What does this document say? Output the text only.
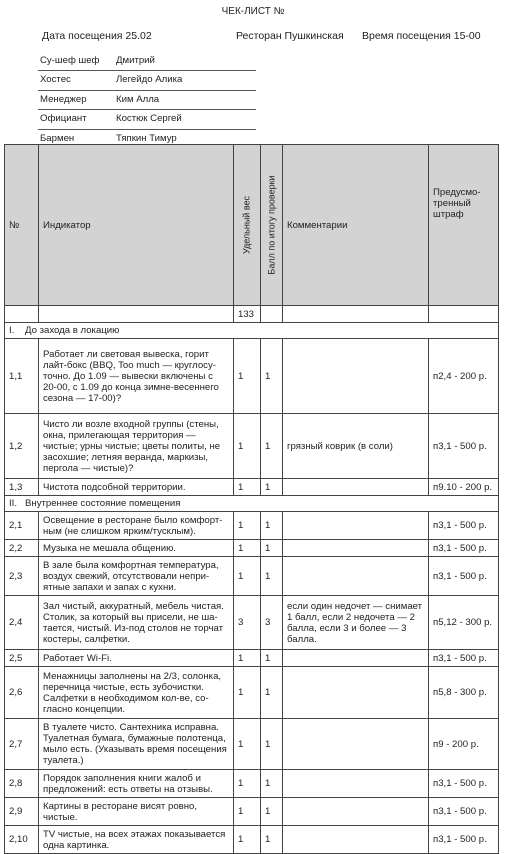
ЧЕК-ЛИСТ №
Дата посещения 25.02	Ресторан Пушкинская Время посещения 15-00
Су-шеф шеф Дмитрий
Хостес	Легейдо Алика
Менеджер	Ким Алла
Официант	Костюк Сергей
Бармен	Тяпкин Тимур
№	Индикатор	Удельный вес	Балл по итогу проверки	Комментарии	Предусмо-
тренный
штраф
		133			
I.    До захода в локацию					
1,1	Работает ли световая вывеска, горит лайт-бокс (BBQ, Too much — круглосу-точно. До 1.09 — вывески включены с 20-00, с 1.09 до конца зимне-весеннего сезона — 17-00)?	1	1		п2,4 - 200 р.
1,2	Чисто ли возле входной группы (стены, окна, прилегающая территория — чистые; урны чистые; цветы политы, не засохшие; летняя веранда, маркизы, пергола — чистые)?	1	1	грязный коврик (в соли)	п3,1 - 500 р.
1,3	Чистота подсобной территории.	1	1		п9.10 - 200 р.
II.   Внутреннее состояние помещения					
2,1	Освещение в ресторане было комфорт-ным (не слишком ярким/тусклым).	1	1		п3,1 - 500 р.
2,2	Музыка не мешала общению.	1	1		п3,1 - 500 р.
2,3	В зале была комфортная температура, воздух свежий, отсутствовали непри-ятные запахи и запах с кухни.	1	1		п3,1 - 500 р.
2,4	Зал чистый, аккуратный, мебель чистая. Столик, за который вы присели, не ша-тается, чистый. Из-под столов не торчат костеры, салфетки.	3	3	если один недочет — снимает 1 балл, если 2 недочета — 2 балла, если 3 и более — 3 балла.	п5,12 - 300 р.
2,5	Работает Wi-Fi.	1	1		п3,1 - 500 р.
2,6	Менажницы заполнены на 2/3, солонка, перечница чистые, есть зубочистки. Салфетки в необходимом кол-ве, со-гласно концепции.	1	1		п5,8 - 300 р.
2,7	В туалете чисто. Сантехника исправна. Туалетная бумага, бумажные полотенца, мыло есть. (Указывать время посещения туалета.)	1	1		п9 - 200 р.
2,8	Порядок заполнения книги жалоб и предложений: есть ответы на отзывы.	1	1		п3,1 - 500 р.
2,9	Картины в ресторане висят ровно, чистые.	1	1		п3,1 - 500 р.
2,10	TV чистые, на всех этажах показывается одна картинка.	1	1		п3,1 - 500 р.
